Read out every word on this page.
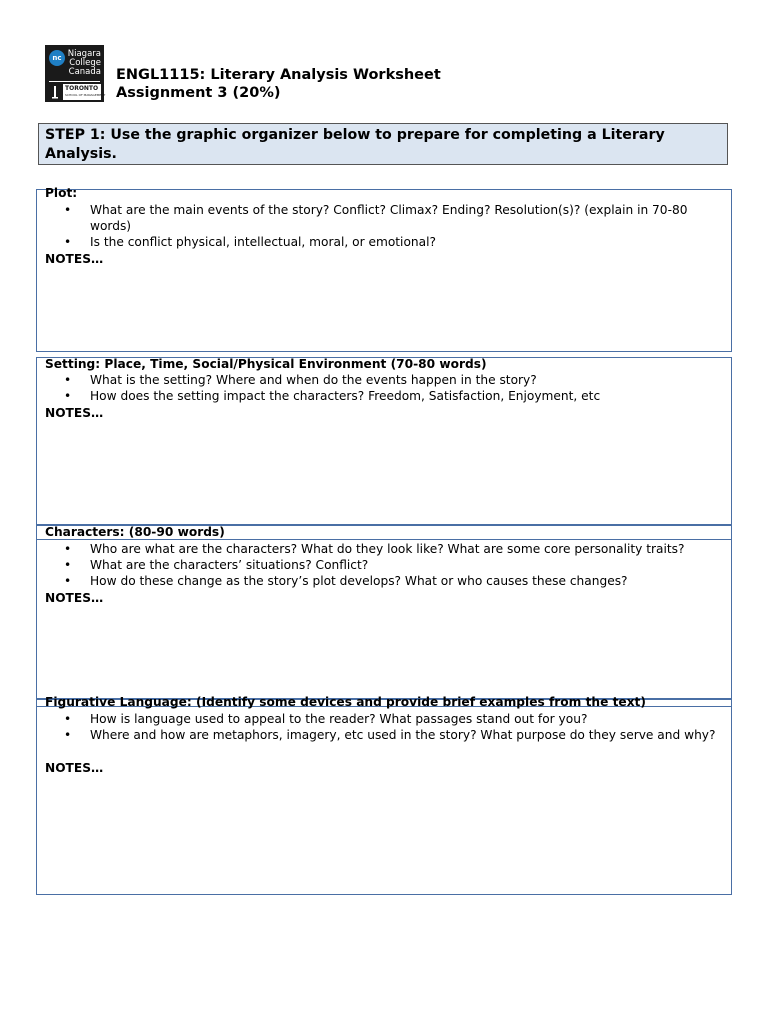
nc Niagara
College
Canada
TORONTO
SCHOOL OF MANAGEMENT
ENGL1115: Literary Analysis Worksheet
Assignment 3 (20%)
STEP 1: Use the graphic organizer below to prepare for completing a Literary Analysis.
Plot:
• What are the main events of the story? Conflict? Climax? Ending? Resolution(s)? (explain in 70-80 words)
• Is the conflict physical, intellectual, moral, or emotional?
NOTES…
Setting: Place, Time, Social/Physical Environment (70-80 words)
• What is the setting? Where and when do the events happen in the story?
• How does the setting impact the characters? Freedom, Satisfaction, Enjoyment, etc
NOTES…
Characters: (80-90 words)
• Who are what are the characters? What do they look like? What are some core personality traits?
• What are the characters’ situations? Conflict?
• How do these change as the story’s plot develops? What or who causes these changes?
NOTES…
Figurative Language: (Identify some devices and provide brief examples from the text)
• How is language used to appeal to the reader? What passages stand out for you?
• Where and how are metaphors, imagery, etc used in the story? What purpose do they serve and why?
NOTES…
